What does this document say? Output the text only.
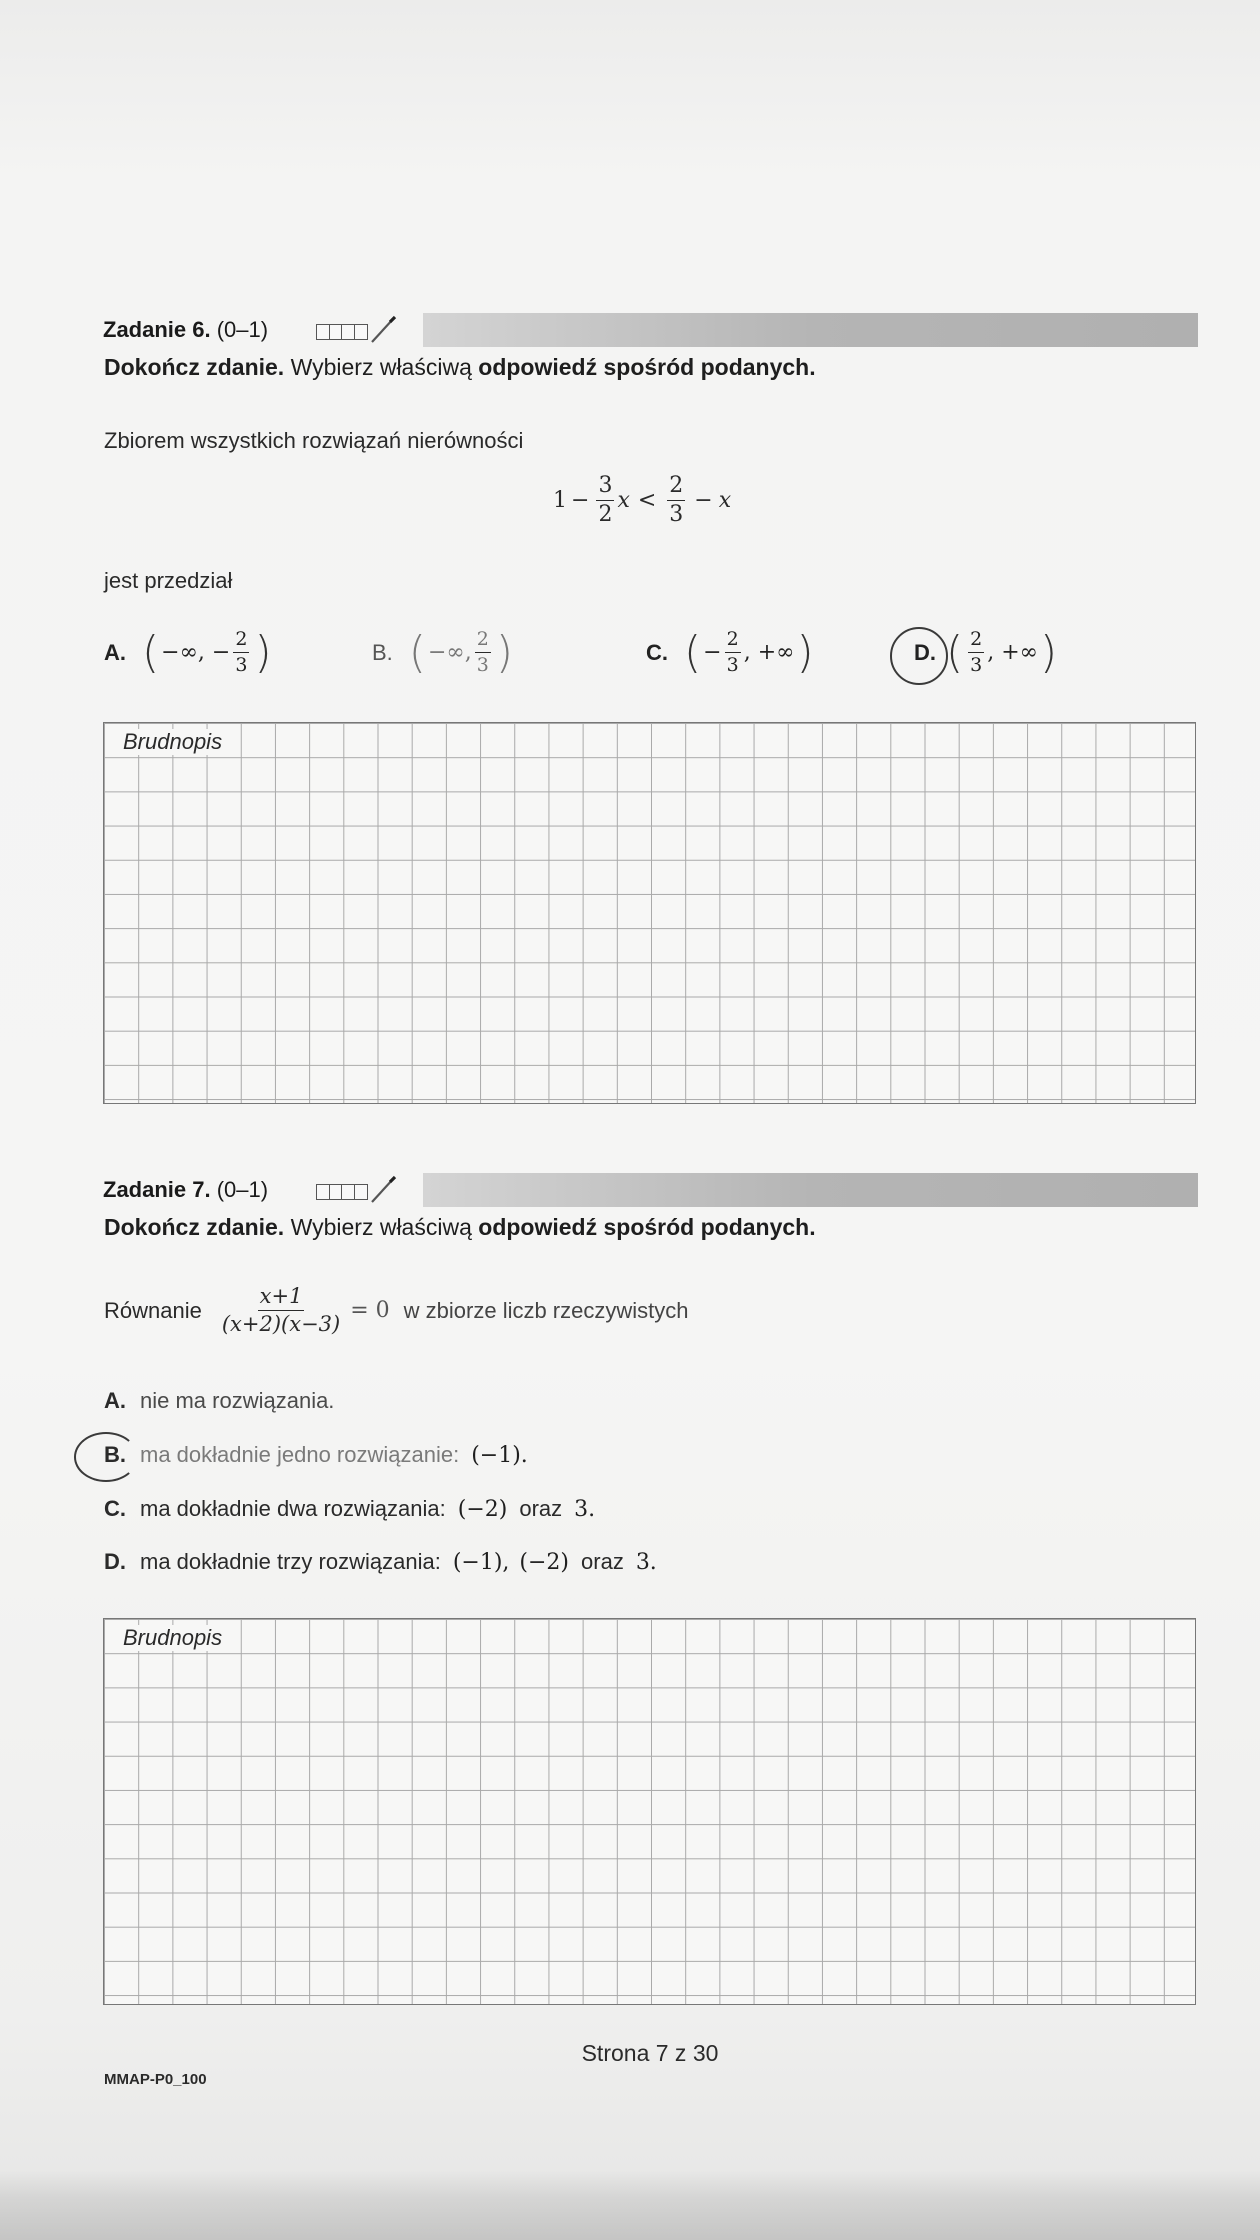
Zadanie 6. (0–1)
Dokończ zdanie. Wybierz właściwą odpowiedź spośród podanych.
Zbiorem wszystkich rozwiązań nierówności
$1 - \frac{3}{2}$ $x < \frac{2}{3} - x$
jest przedział
A. ( −∞, − $\frac{2}{3}$ )	B. ( −∞, $\frac{2}{3}$ )	C. ( − $\frac{2}{3}$ , +∞ )	D. ( $\frac{2}{3}$ , +∞ )
Brudnopis
Zadanie 7. (0–1)
Dokończ zdanie. Wybierz właściwą odpowiedź spośród podanych.
Równanie $\frac{x+1}{(x+2)(x-3)} = 0$ w zbiorze liczb rzeczywistych
A. nie ma rozwiązania.
B. ma dokładnie jedno rozwiązanie: (−1).
C. ma dokładnie dwa rozwiązania: (−2) oraz 3.
D. ma dokładnie trzy rozwiązania: (−1), (−2) oraz 3.
Brudnopis
Strona 7 z 30
MMAP-P0_100
